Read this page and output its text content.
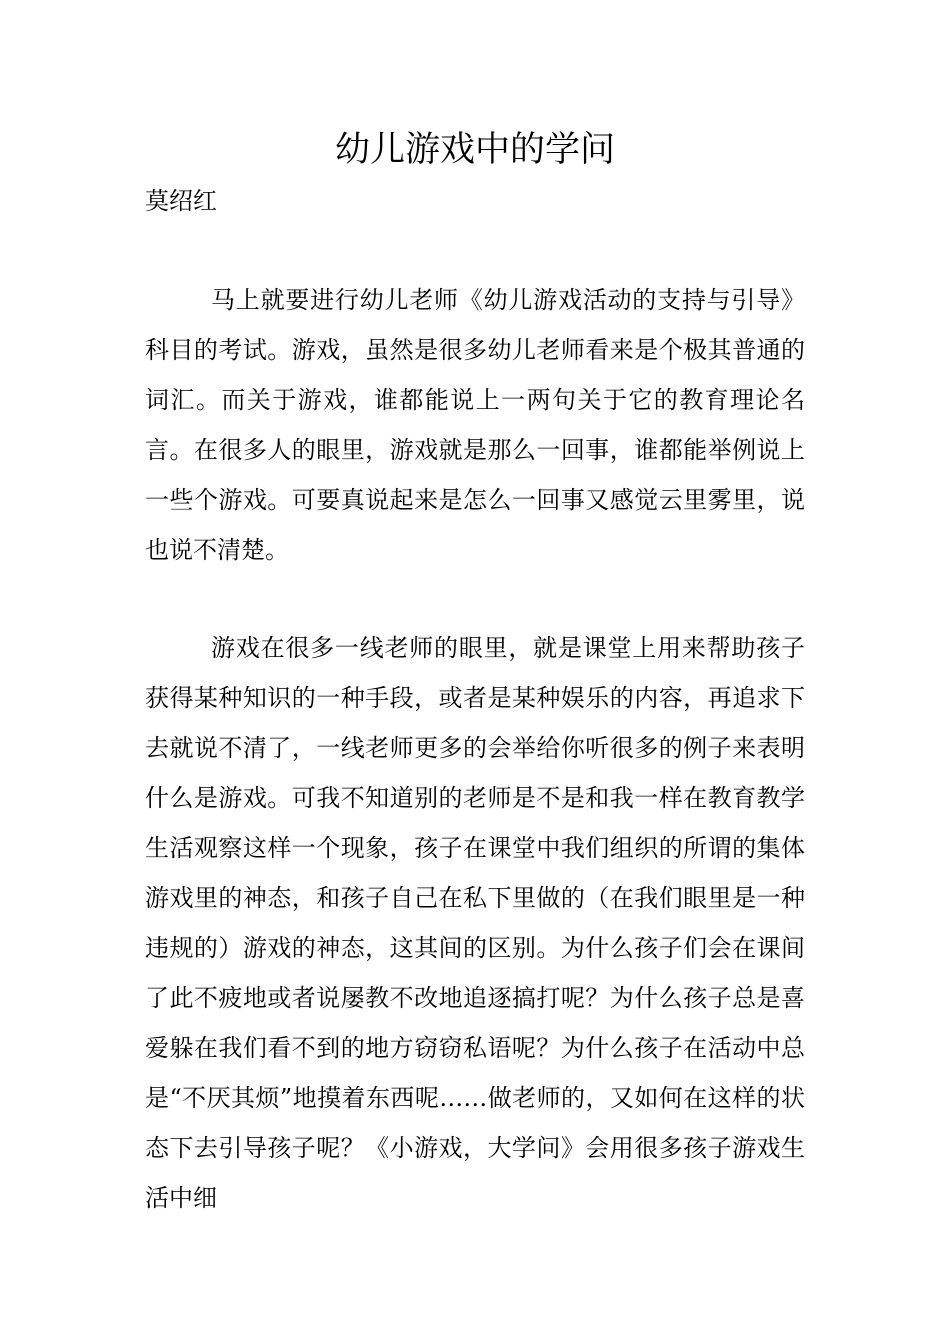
幼儿游戏中的学问

莫绍红

马上就要进行幼儿老师《幼儿游戏活动的支持与引导》科目的考试。游戏，虽然是很多幼儿老师看来是个极其普通的词汇。而关于游戏，谁都能说上一两句关于它的教育理论名言。在很多人的眼里，游戏就是那么一回事，谁都能举例说上一些个游戏。可要真说起来是怎么一回事又感觉云里雾里，说也说不清楚。

游戏在很多一线老师的眼里，就是课堂上用来帮助孩子获得某种知识的一种手段，或者是某种娱乐的内容，再追求下去就说不清了，一线老师更多的会举给你听很多的例子来表明什么是游戏。可我不知道别的老师是不是和我一样在教育教学生活观察这样一个现象，孩子在课堂中我们组织的所谓的集体游戏里的神态，和孩子自己在私下里做的（在我们眼里是一种违规的）游戏的神态，这其间的区别。为什么孩子们会在课间了此不疲地或者说屡教不改地追逐搞打呢？为什么孩子总是喜爱躲在我们看不到的地方窃窃私语呢？为什么孩子在活动中总是“不厌其烦”地摸着东西呢……做老师的，又如何在这样的状态下去引导孩子呢？《小游戏，大学问》会用很多孩子游戏生活中细
